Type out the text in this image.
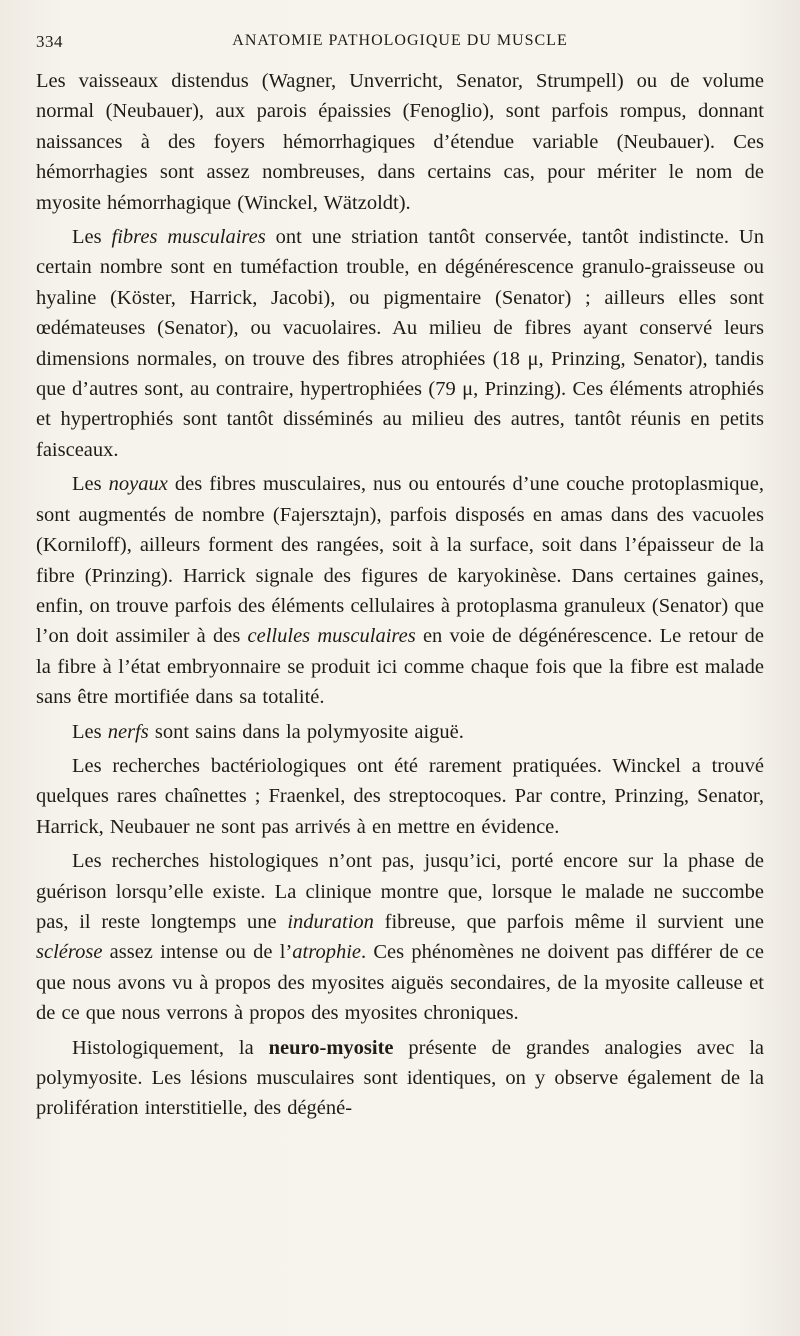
334	ANATOMIE PATHOLOGIQUE DU MUSCLE

Les vaisseaux distendus (Wagner, Unverricht, Senator, Strumpell) ou de volume normal (Neubauer), aux parois épaissies (Fenoglio), sont parfois rompus, donnant naissances à des foyers hémorrhagiques d’étendue variable (Neubauer). Ces hémorrhagies sont assez nombreuses, dans certains cas, pour mériter le nom de myosite hémorrhagique (Winckel, Wätzoldt).

Les fibres musculaires ont une striation tantôt conservée, tantôt indistincte. Un certain nombre sont en tuméfaction trouble, en dégénérescence granulo-graisseuse ou hyaline (Köster, Harrick, Jacobi), ou pigmentaire (Senator) ; ailleurs elles sont œdémateuses (Senator), ou vacuolaires. Au milieu de fibres ayant conservé leurs dimensions normales, on trouve des fibres atrophiées (18 μ, Prinzing, Senator), tandis que d’autres sont, au contraire, hypertrophiées (79 μ, Prinzing). Ces éléments atrophiés et hypertrophiés sont tantôt disséminés au milieu des autres, tantôt réunis en petits faisceaux.

Les noyaux des fibres musculaires, nus ou entourés d’une couche protoplasmique, sont augmentés de nombre (Fajersztajn), parfois disposés en amas dans des vacuoles (Korniloff), ailleurs forment des rangées, soit à la surface, soit dans l’épaisseur de la fibre (Prinzing). Harrick signale des figures de karyokinèse. Dans certaines gaines, enfin, on trouve parfois des éléments cellulaires à protoplasma granuleux (Senator) que l’on doit assimiler à des cellules musculaires en voie de dégénérescence. Le retour de la fibre à l’état embryonnaire se produit ici comme chaque fois que la fibre est malade sans être mortifiée dans sa totalité.

Les nerfs sont sains dans la polymyosite aiguë.

Les recherches bactériologiques ont été rarement pratiquées. Winckel a trouvé quelques rares chaînettes ; Fraenkel, des streptocoques. Par contre, Prinzing, Senator, Harrick, Neubauer ne sont pas arrivés à en mettre en évidence.

Les recherches histologiques n’ont pas, jusqu’ici, porté encore sur la phase de guérison lorsqu’elle existe. La clinique montre que, lorsque le malade ne succombe pas, il reste longtemps une induration fibreuse, que parfois même il survient une sclérose assez intense ou de l’atrophie. Ces phénomènes ne doivent pas différer de ce que nous avons vu à propos des myosites aiguës secondaires, de la myosite calleuse et de ce que nous verrons à propos des myosites chroniques.

Histologiquement, la neuro-myosite présente de grandes analogies avec la polymyosite. Les lésions musculaires sont identiques, on y observe également de la prolifération interstitielle, des dégéné-
